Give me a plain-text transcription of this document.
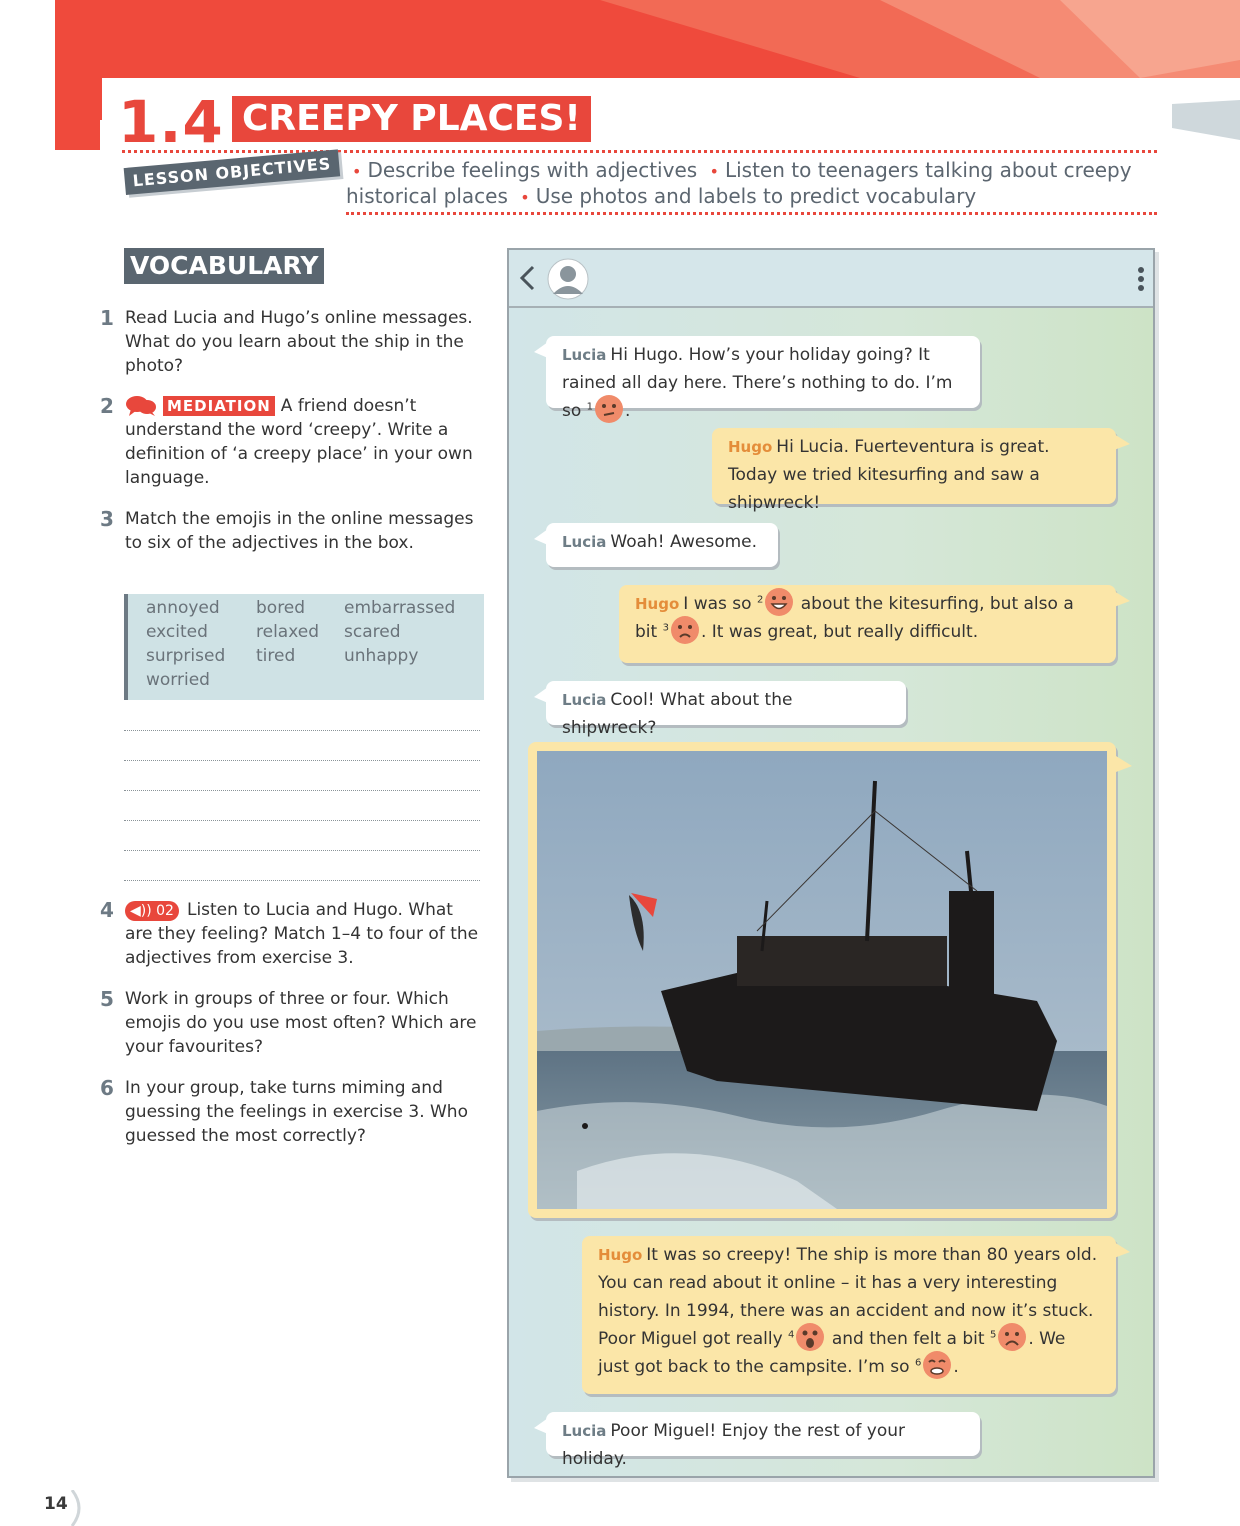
1.4 CREEPY PLACES!
LESSON OBJECTIVES	• Describe feelings with adjectives • Listen to teenagers talking about creepy historical places • Use photos and labels to predict vocabulary
VOCABULARY
1 Read Lucia and Hugo’s online messages. What do you learn about the ship in the photo?
2	MEDIATION A friend doesn’t understand the word ‘creepy’. Write a definition of ‘a creepy place’ in your own language.
3 Match the emojis in the online messages to six of the adjectives in the box.
annoyed bored embarrassed
excited	relaxed scared
surprised tired	unhappy
worried
4	◀)) 02 Listen to Lucia and Hugo. What are they feeling? Match 1–4 to four of the adjectives from exercise 3.
5 Work in groups of three or four. Which emojis do you use most often? Which are your favourites?
6 In your group, take turns miming and guessing the feelings in exercise 3. Who guessed the most correctly?
Lucia Hi Hugo. How’s your holiday going? It rained all day here. There’s nothing to do. I’m so $^1$ .
Hugo Hi Lucia. Fuerteventura is great. Today we tried kitesurfing and saw a shipwreck!
Lucia Woah! Awesome.
Hugo I was so $^2$ about the kitesurfing, but also a bit $^3$ . It was great, but really difficult.
Lucia Cool! What about the shipwreck?
Hugo It was so creepy! The ship is more than 80 years old. You can read about it online – it has a very interesting history. In 1994, there was an accident and now it’s stuck. Poor Miguel got really $^4$ and then felt a bit $^5$ . We just got back to the campsite. I’m so $^6$ .
Lucia Poor Miguel! Enjoy the rest of your holiday.
14
